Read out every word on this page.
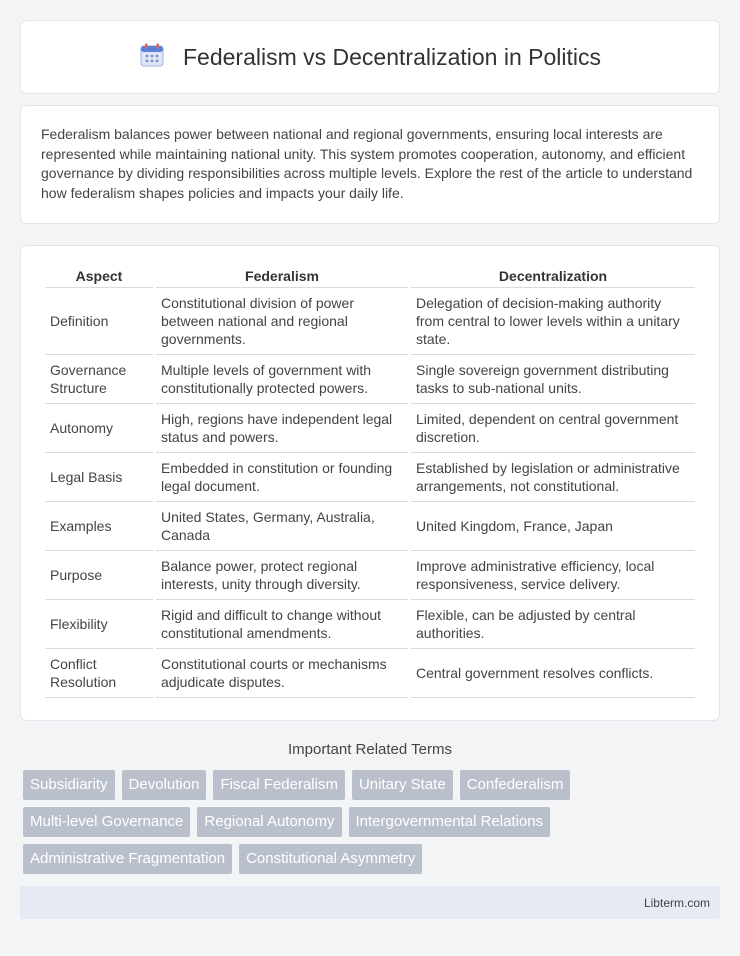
Federalism vs Decentralization in Politics

Federalism balances power between national and regional governments, ensuring local interests are represented while maintaining national unity. This system promotes cooperation, autonomy, and efficient governance by dividing responsibilities across multiple levels. Explore the rest of the article to understand how federalism shapes policies and impacts your daily life.

Aspect	Federalism	Decentralization
Definition	Constitutional division of power between national and regional governments.	Delegation of decision-making authority from central to lower levels within a unitary state.
Governance Structure	Multiple levels of government with constitutionally protected powers.	Single sovereign government distributing tasks to sub-national units.
Autonomy	High, regions have independent legal status and powers.	Limited, dependent on central government discretion.
Legal Basis	Embedded in constitution or founding legal document.	Established by legislation or administrative arrangements, not constitutional.
Examples	United States, Germany, Australia, Canada	United Kingdom, France, Japan
Purpose	Balance power, protect regional interests, unity through diversity.	Improve administrative efficiency, local responsiveness, service delivery.
Flexibility	Rigid and difficult to change without constitutional amendments.	Flexible, can be adjusted by central authorities.
Conflict Resolution	Constitutional courts or mechanisms adjudicate disputes.	Central government resolves conflicts.
Important Related Terms
Subsidiarity	Devolution	Fiscal Federalism	Unitary State	Confederalism
Multi-level Governance	Regional Autonomy	Intergovernmental Relations
Administrative Fragmentation	Constitutional Asymmetry
Libterm.com
